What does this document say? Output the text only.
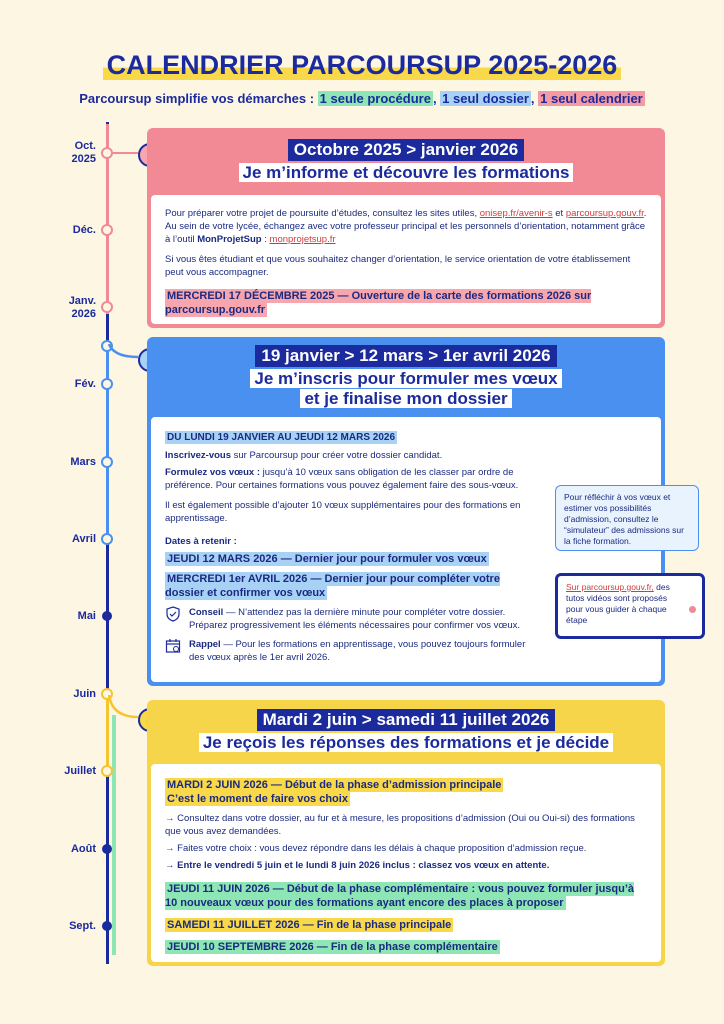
CALENDRIER PARCOURSUP 2025-2026
Parcoursup simplifie vos démarches : 1 seule procédure , 1 seul dossier , 1 seul calendrier
Oct.
2025
Déc.
Janv.
2026
Fév.
Mars
Avril
Mai
Juin
Juillet
Août
Sept.
Octobre 2025 > janvier 2026
Je m’informe et découvre les formations

Pour préparer votre projet de poursuite d’études, consultez les sites utiles, onisep.fr/avenir-s et parcoursup.gouv.fr. Au sein de votre lycée, échangez avec votre professeur principal et les personnels d’orientation, notamment grâce à l’outil MonProjetSup : monprojetsup.fr

Si vous êtes étudiant et que vous souhaitez changer d’orientation, le service orientation de votre établissement peut vous accompagner.

MERCREDI 17 DÉCEMBRE 2025 — Ouverture de la carte des formations 2026 sur parcoursup.gouv.fr
19 janvier > 12 mars > 1er avril 2026
Je m’inscris pour formuler mes vœux
et je finalise mon dossier
DU LUNDI 19 JANVIER AU JEUDI 12 MARS 2026

Inscrivez-vous sur Parcoursup pour créer votre dossier candidat.

Formulez vos vœux : jusqu’à 10 vœux sans obligation de les classer par ordre de préférence. Pour certaines formations vous pouvez également faire des sous-vœux.

Il est également possible d’ajouter 10 vœux supplémentaires pour des formations en apprentissage.

Dates à retenir :

JEUDI 12 MARS 2026 — Dernier jour pour formuler vos vœux
MERCREDI 1er AVRIL 2026 — Dernier jour pour compléter votre dossier et confirmer vos vœux
Conseil — N’attendez pas la dernière minute pour compléter votre dossier. Préparez progressivement les éléments nécessaires pour confirmer vos vœux.
Rappel — Pour les formations en apprentissage, vous pouvez toujours formuler des vœux après le 1er avril 2026.
Pour réfléchir à vos vœux et estimer vos possibilités d’admission, consultez le “simulateur” des admissions sur la fiche formation.
Sur parcoursup.gouv.fr, des tutos vidéos sont proposés pour vous guider à chaque étape
Mardi 2 juin > samedi 11 juillet 2026
Je reçois les réponses des formations et je décide
MARDI 2 JUIN 2026 — Début de la phase d’admission principale
C’est le moment de faire vos choix

→ Consultez dans votre dossier, au fur et à mesure, les propositions d’admission (Oui ou Oui-si) des formations que vous avez demandées.

→ Faites votre choix : vous devez répondre dans les délais à chaque proposition d’admission reçue.

→ Entre le vendredi 5 juin et le lundi 8 juin 2026 inclus : classez vos vœux en attente.

JEUDI 11 JUIN 2026 — Début de la phase complémentaire : vous pouvez formuler jusqu’à 10 nouveaux vœux pour des formations ayant encore des places à proposer
SAMEDI 11 JUILLET 2026 — Fin de la phase principale
JEUDI 10 SEPTEMBRE 2026 — Fin de la phase complémentaire
